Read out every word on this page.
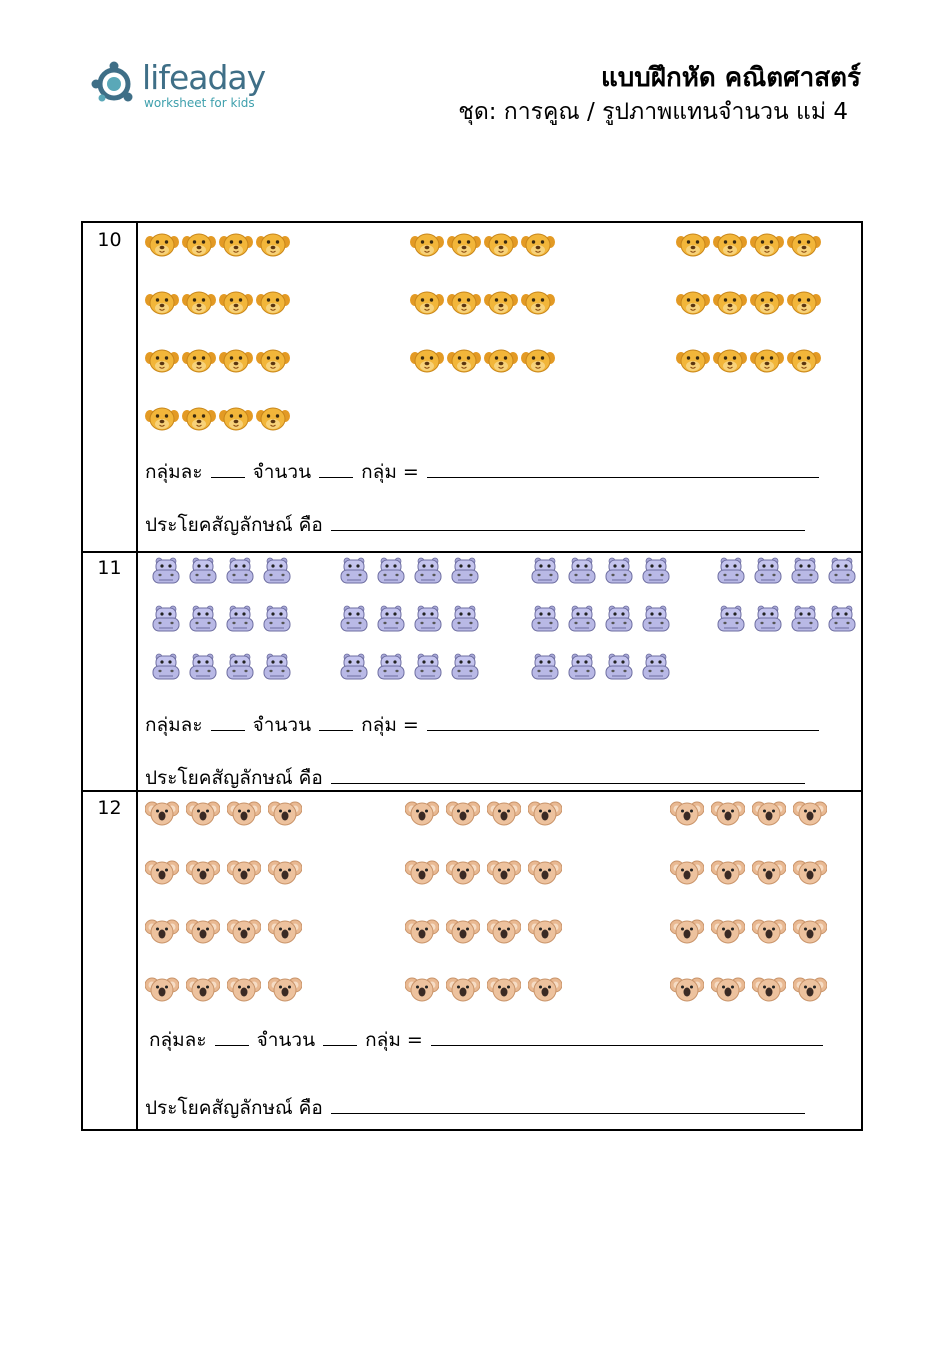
lifeaday
worksheet for kids
แบบฝึกหัด คณิตศาสตร์
ชุด: การคูณ / รูปภาพแทนจำนวน แม่ 4
10
กลุ่มละ	จำนวน	กลุ่ม =
ประโยคสัญลักษณ์ คือ
11
กลุ่มละ	จำนวน	กลุ่ม =
ประโยคสัญลักษณ์ คือ
12
กลุ่มละ	จำนวน	กลุ่ม =
ประโยคสัญลักษณ์ คือ
